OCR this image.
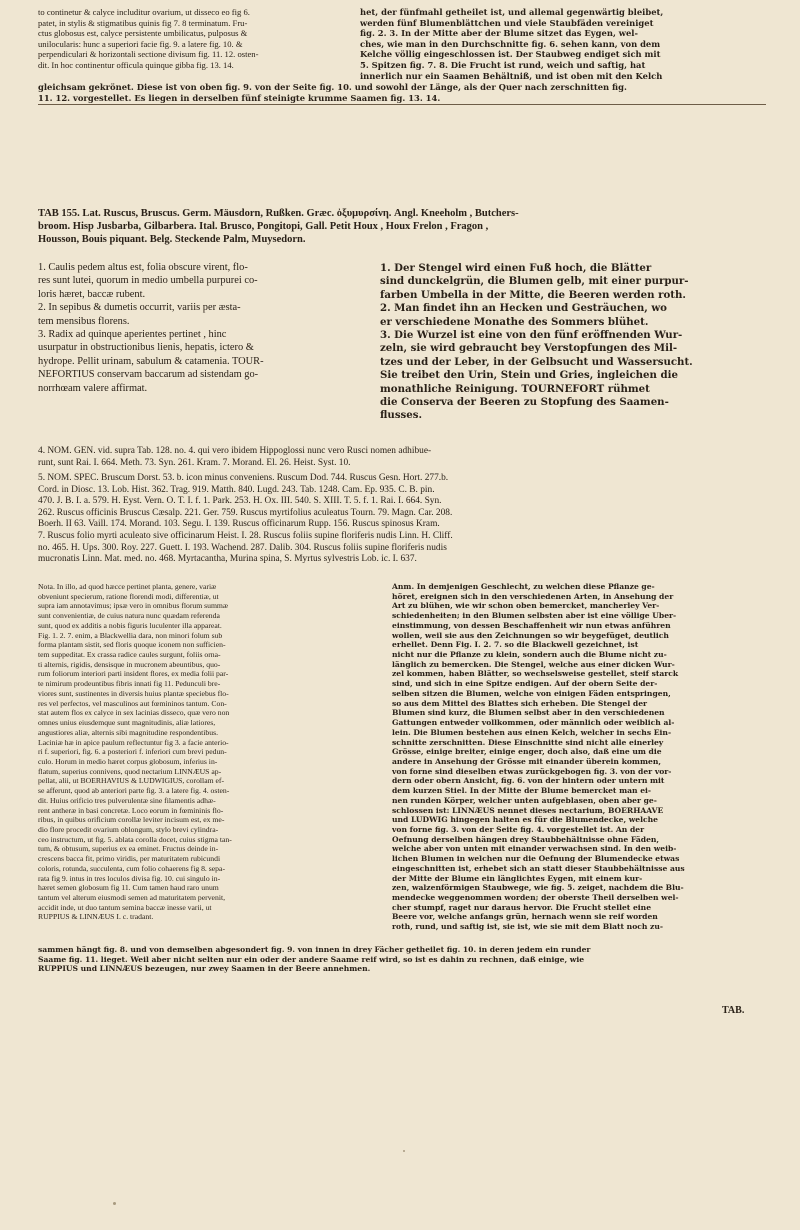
to continetur & calyce includitur ovarium, ut disseco eo fig 6.
patet, in stylis & stigmatibus quinis fig 7. 8 terminatum. Fru-
ctus globosus est, calyce persistente umbilicatus, pulposus &
unilocularis: hunc a superiori facie fig. 9. a latere fig. 10. &
perpendiculari & horizontali sectione divisum fig. 11. 12. osten-
dit. In hoc continentur officula quinque gibba fig. 13. 14.
het, der fünfmahl getheilet ist, und allemal gegenwärtig bleibet,
werden fünf Blumenblättchen und viele Staubfäden vereiniget
fig. 2. 3. In der Mitte aber der Blume sitzet das Eygen, wel-
ches, wie man in den Durchschnitte fig. 6. sehen kann, von dem
Kelche völlig eingeschlossen ist. Der Staubweg endiget sich mit
5. Spitzen fig. 7. 8. Die Frucht ist rund, weich und saftig, hat
innerlich nur ein Saamen Behältniß, und ist oben mit den Kelch
gleichsam gekrönet. Diese ist von oben fig. 9. von der Seite fig. 10. und sowohl der Länge, als der Quer nach zerschnitten fig.
11. 12. vorgestellet. Es liegen in derselben fünf steinigte krumme Saamen fig. 13. 14.
TAB 155. Lat. Ruscus, Bruscus. Germ. Mäusdorn, Rußken. Græc. ὀξυμυρσίνη. Angl. Kneeholm , Butchers-
broom. Hisp Jusbarba, Gilbarbera. Ital. Brusco, Pongitopi, Gall. Petit Houx , Houx Frelon , Fragon ,
Housson, Bouis piquant. Belg. Steckende Palm, Muysedorn.
1. Caulis pedem altus est, folia obscure virent, flo-
res sunt lutei, quorum in medio umbella purpurei co-
loris hæret, baccæ rubent.
2. In sepibus & dumetis occurrit, variis per æsta-
tem mensibus florens.
3. Radix ad quinque aperientes pertinet , hinc
usurpatur in obstructionibus lienis, hepatis, ictero &
hydrope. Pellit urinam, sabulum & catamenia. TOUR-
NEFORTIUS conservam baccarum ad sistendam go-
norrhœam valere affirmat.
1. Der Stengel wird einen Fuß hoch, die Blätter
sind dunckelgrün, die Blumen gelb, mit einer purpur-
farben Umbella in der Mitte, die Beeren werden roth.
2. Man findet ihn an Hecken und Gesträuchen, wo
er verschiedene Monathe des Sommers blühet.
3. Die Wurzel ist eine von den fünf eröffnenden Wur-
zeln, sie wird gebraucht bey Verstopfungen des Mil-
tzes und der Leber, in der Gelbsucht und Wassersucht.
Sie treibet den Urin, Stein und Gries, ingleichen die
monathliche Reinigung. TOURNEFORT rühmet
die Conserva der Beeren zu Stopfung des Saamen-
flusses.
4. NOM. GEN. vid. supra Tab. 128. no. 4. qui vero ibidem Hippoglossi nunc vero Rusci nomen adhibue-
runt, sunt Rai. I. 664. Meth. 73. Syn. 261. Kram. 7. Morand. El. 26. Heist. Syst. 10.
5. NOM. SPEC. Bruscum Dorst. 53. b. icon minus conveniens. Ruscum Dod. 744. Ruscus Gesn. Hort. 277.b.
Cord. in Diosc. 13. Lob. Hist. 362. Trag. 919. Matth. 840. Lugd. 243. Tab. 1248. Cam. Ep. 935. C. B. pin.
470. J. B. I. a. 579. H. Eyst. Vern. O. T. I. f. 1. Park. 253. H. Ox. III. 540. S. XIII. T. 5. f. 1. Rai. I. 664. Syn.
262. Ruscus officinis Bruscus Cæsalp. 221. Ger. 759. Ruscus myrtifolius aculeatus Tourn. 79. Magn. Car. 208.
Boerh. II 63. Vaill. 174. Morand. 103. Segu. I. 139. Ruscus officinarum Rupp. 156. Ruscus spinosus Kram.
7. Ruscus folio myrti aculeato sive officinarum Heist. I. 28. Ruscus foliis supine floriferis nudis Linn. H. Cliff.
no. 465. H. Ups. 300. Roy. 227. Guett. I. 193. Wachend. 287. Dalib. 304. Ruscus foliis supine floriferis nudis
mucronatis Linn. Mat. med. no. 468. Myrtacantha, Murina spina, S. Myrtus sylvestris Lob. ic. I. 637.
Nota. In illo, ad quod hæcce pertinet planta, genere, variæ
obveniunt specierum, ratione florendi modi, differentiæ, ut
supra iam annotavimus; ipsæ vero in omnibus florum summæ
sunt convenientiæ, de cuius natura nunc quædam referenda
sunt, quod ex additis a nobis figuris luculenter illa appareat.
Fig. 1. 2. 7. enim, a Blackwellia dara, non minori folum sub
forma plantam sistit, sed floris quoque iconem non sufficien-
tem suppeditat. Ex crassa radice caules surgunt, foliis orna-
ti alternis, rigidis, densisque in mucronem abeuntibus, quo-
rum foliorum interiori parti insident flores, ex media folii par-
te nimirum prodeuntibus fibris innati fig 11. Pedunculi bre-
viores sunt, sustinentes in diversis huius plantæ speciebus flo-
res vel perfectos, vel masculinos aut fœmininos tantum. Con-
stat autem flos ex calyce in sex lacinias disseco, quæ vero non
omnes unius eiusdemque sunt magnitudinis, aliæ latiores,
angustiores aliæ, alternis sibi magnitudine respondentibus.
Laciniæ hæ in apice paulum reflectuntur fig 3. a facie anterio-
ri f. superiori, fig. 6. a posteriori f. inferiori cum brevi pedun-
culo. Horum in medio hæret corpus globosum, inferius in-
flatum, superius connivens, quod nectarium LINNÆUS ap-
pellat, alii, ut BOERHAVIUS & LUDWIGIUS, corollam ef-
se afferunt, quod ab anteriori parte fig. 3. a latere fig. 4. osten-
dit. Huius orificio tres pulverulentæ sine filamentis adhæ-
rent antheræ in basi concretæ. Loco eorum in fœmininis flo-
ribus, in quibus orificium corollæ leviter incisum est, ex me-
dio flore procedit ovarium oblongum, stylo brevi cylindra-
ceo instructum, ut fig. 5. ablata corolla docet, cuius stigma tan-
tum, & obtusum, superius ex ea eminet. Fructus deinde in-
crescens bacca fit, primo viridis, per maturitatem rubicundi
coloris, rotunda, succulenta, cum folio cohaerens fig 8. sepa-
rata fig 9. intus in tres loculos divisa fig. 10. cui singulo in-
hæret semen globosum fig 11. Cum tamen haud raro unum
tantum vel alterum eiusmodi semen ad maturitatem pervenit,
accidit inde, ut duo tantum semina baccæ inesse varii, ut
RUPPIUS & LINNÆUS I. c. tradant.
Anm. In demjenigen Geschlecht, zu welchen diese Pflanze ge-
höret, ereignen sich in den verschiedenen Arten, in Ansehung der
Art zu blühen, wie wir schon oben bemercket, mancherley Ver-
schiedenheiten; in den Blumen selbsten aber ist eine völlige Uber-
einstimmung, von dessen Beschaffenheit wir nun etwas anführen
wollen, weil sie aus den Zeichnungen so wir beygefüget, deutlich
erhellet. Denn Fig. I. 2. 7. so die Blackwell gezeichnet, ist
nicht nur die Pflanze zu klein, sondern auch die Blume nicht zu-
länglich zu bemercken. Die Stengel, welche aus einer dicken Wur-
zel kommen, haben Blätter, so wechselsweise gestellet, steif starck
sind, und sich in eine Spitze endigen. Auf der obern Seite der-
selben sitzen die Blumen, welche von einigen Fäden entspringen,
so aus dem Mittel des Blattes sich erheben. Die Stengel der
Blumen sind kurz, die Blumen selbst aber in den verschiedenen
Gattungen entweder vollkommen, oder männlich oder weiblich al-
lein. Die Blumen bestehen aus einen Kelch, welcher in sechs Ein-
schnitte zerschnitten. Diese Einschnitte sind nicht alle einerley
Grösse, einige breiter, einige enger, doch also, daß eine um die
andere in Ansehung der Grösse mit einander überein kommen,
von forne sind dieselben etwas zurückgebogen fig. 3. von der vor-
dern oder obern Ansicht, fig. 6. von der hintern oder untern mit
dem kurzen Stiel. In der Mitte der Blume bemercket man ei-
nen runden Körper, welcher unten aufgeblasen, oben aber ge-
schlossen ist: LINNÆUS nennet dieses nectarium, BOERHAAVE
und LUDWIG hingegen halten es für die Blumendecke, welche
von forne fig. 3. von der Seite fig. 4. vorgestellet ist. An der
Oefnung derselben hängen drey Staubbehältnisse ohne Fäden,
welche aber von unten mit einander verwachsen sind. In den weib-
lichen Blumen in welchen nur die Oefnung der Blumendecke etwas
eingeschnitten ist, erhebet sich an statt dieser Staubbehältnisse aus
der Mitte der Blume ein länglichtes Eygen, mit einem kur-
zen, walzenförmigen Staubwege, wie fig. 5. zeiget, nachdem die Blu-
mendecke weggenommen worden; der oberste Theil derselben wel-
cher stumpf, raget nur daraus hervor. Die Frucht stellet eine
Beere vor, welche anfangs grün, hernach wenn sie reif worden
roth, rund, und saftig ist, sie ist, wie sie mit dem Blatt noch zu-
sammen hängt fig. 8. und von demselben abgesondert fig. 9. von innen in drey Fächer getheilet fig. 10. in deren jedem ein runder
Saame fig. 11. lieget. Weil aber nicht selten nur ein oder der andere Saame reif wird, so ist es dahin zu rechnen, daß einige, wie
RUPPIUS und LINNÆUS bezeugen, nur zwey Saamen in der Beere annehmen.
TAB.
